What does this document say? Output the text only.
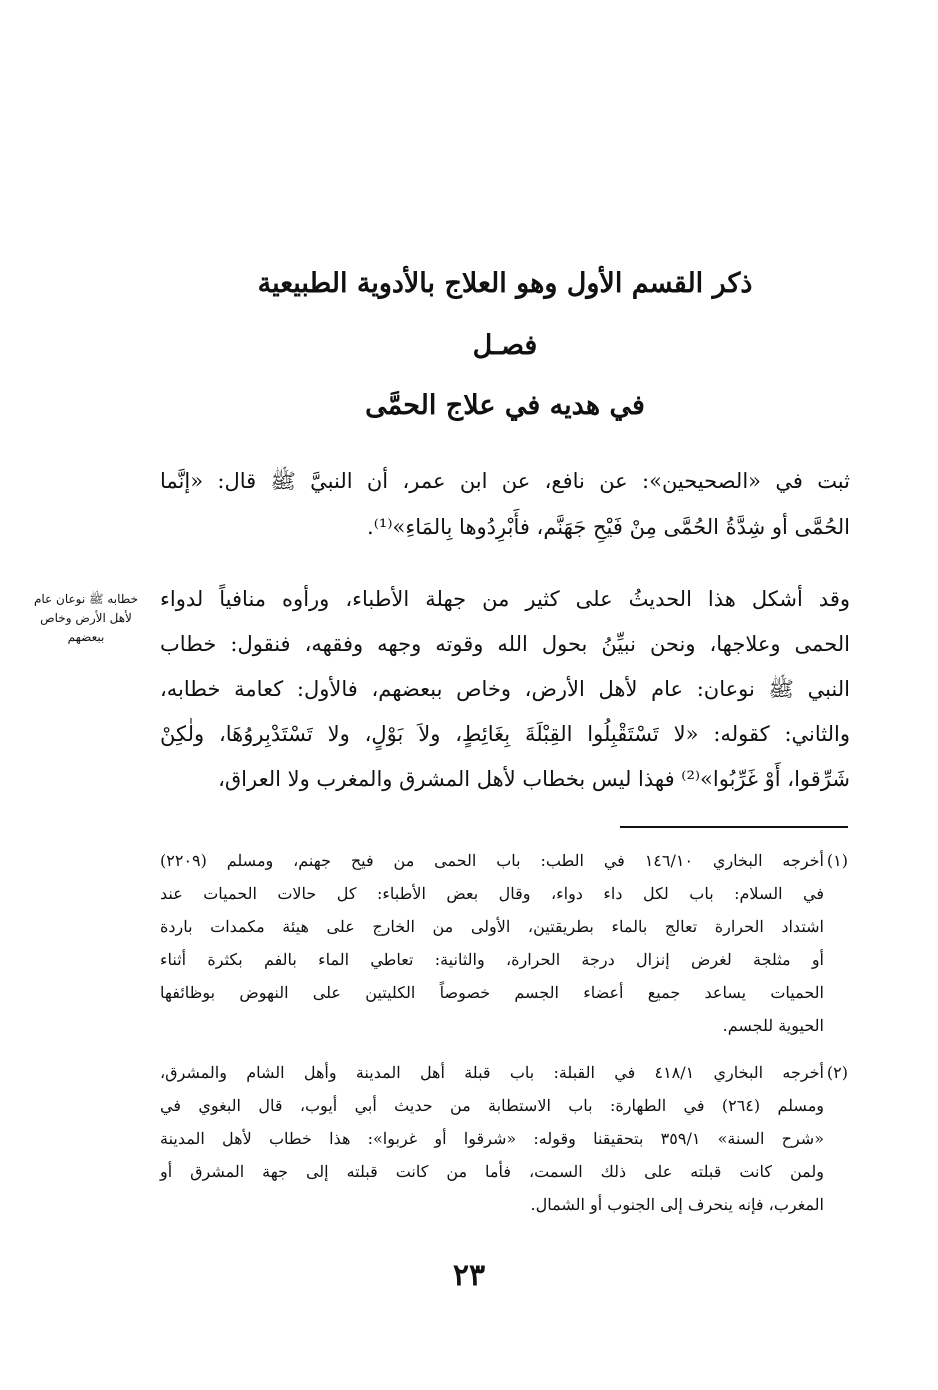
ذكر القسم الأول وهو العلاج بالأدوية الطبيعية
فصـل
في هديه في علاج الحمَّى
ثبت في «الصحيحين»: عن نافع، عن ابن عمر، أن النبيَّ ﷺ قال: «إنَّما
الحُمَّى أو شِدَّةُ الحُمَّى مِنْ فَيْحِ جَهَنَّم، فأَبْرِدُوها بِالمَاءِ»⁽¹⁾.
وقد أشكل هذا الحديثُ على كثير من جهلة الأطباء، ورأوه منافياً لدواء
الحمى وعلاجها، ونحن نبيِّنُ بحول الله وقوته وجهه وفقهه، فنقول: خطاب
النبي ﷺ نوعان: عام لأهل الأرض، وخاص ببعضهم، فالأول: كعامة خطابه،
والثاني: كقوله: «لا تَسْتَقْبِلُوا القِبْلَةَ بِغَائِطٍ، ولاَ بَوْلٍ، ولا تَسْتَدْبِروُهَا، ولٰكِنْ
شَرِّقوا، أَوْ غَرِّبُوا»⁽²⁾ فهذا ليس بخطاب لأهل المشرق والمغرب ولا العراق،
خطابه ﷺ نوعان عام لأهل الأرض وخاص ببعضهم
(١)
أخرجه البخاري ١٤٦/١٠ في الطب: باب الحمى من فيح جهنم، ومسلم (٢٢٠٩)
في السلام: باب لكل داء دواء، وقال بعض الأطباء: كل حالات الحميات عند
اشتداد الحرارة تعالج بالماء بطريقتين، الأولى من الخارج على هيئة مكمدات باردة
أو مثلجة لغرض إنزال درجة الحرارة، والثانية: تعاطي الماء بالفم بكثرة أثناء
الحميات يساعد جميع أعضاء الجسم خصوصاً الكليتين على النهوض بوظائفها
الحيوية للجسم.
(٢)
أخرجه البخاري ٤١٨/١ في القبلة: باب قبلة أهل المدينة وأهل الشام والمشرق،
ومسلم (٢٦٤) في الطهارة: باب الاستطابة من حديث أبي أيوب، قال البغوي في
«شرح السنة» ٣٥٩/١ بتحقيقنا وقوله: «شرقوا أو غربوا»: هذا خطاب لأهل المدينة
ولمن كانت قبلته على ذلك السمت، فأما من كانت قبلته إلى جهة المشرق أو
المغرب، فإنه ينحرف إلى الجنوب أو الشمال.
٢٣
